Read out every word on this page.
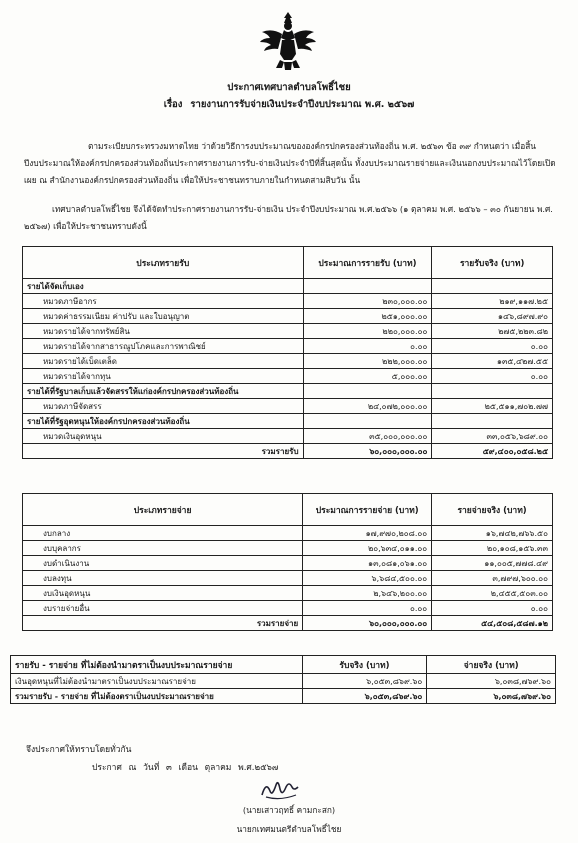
ประกาศเทศบาลตำบลโพธิ์ไชย
เรื่อง รายงานการรับจ่ายเงินประจำปีงบประมาณ พ.ศ. ๒๕๖๗

ตามระเบียบกระทรวงมหาดไทย ว่าด้วยวิธีการงบประมาณขององค์กรปกครองส่วนท้องถิ่น พ.ศ. ๒๕๖๓ ข้อ ๓๙ กำหนดว่า เมื่อสิ้นปีงบประมาณให้องค์กรปกครองส่วนท้องถิ่นประกาศรายงานการรับ-จ่ายเงินประจำปีที่สิ้นสุดนั้น ทั้งงบประมาณรายจ่ายและเงินนอกงบประมาณไว้โดยเปิดเผย ณ สำนักงานองค์กรปกครองส่วนท้องถิ่น เพื่อให้ประชาชนทราบภายในกำหนดสามสิบวัน นั้น

เทศบาลตำบลโพธิ์ไชย จึงได้จัดทำประกาศรายงานการรับ-จ่ายเงิน ประจำปีงบประมาณ พ.ศ.๒๕๖๖ (๑ ตุลาคม พ.ศ. ๒๕๖๖ – ๓๐ กันยายน พ.ศ. ๒๕๖๗) เพื่อให้ประชาชนทราบดังนี้

ประเภทรายรับ	ประมาณการรายรับ (บาท)	รายรับจริง (บาท)
รายได้จัดเก็บเอง		
หมวดภาษีอากร	๒๓๐,๐๐๐.๐๐	๒๑๙,๑๑๗.๒๕
หมวดค่าธรรมเนียม ค่าปรับ และใบอนุญาต	๒๕๑,๐๐๐.๐๐	๑๔๖,๘๙๗.๙๐
หมวดรายได้จากทรัพย์สิน	๒๒๐,๐๐๐.๐๐	๒๗๕,๒๒๓.๘๒
หมวดรายได้จากสาธารณูปโภคและการพาณิชย์	๐.๐๐	๐.๐๐
หมวดรายได้เบ็ดเตล็ด	๒๒๒,๐๐๐.๐๐	๑๓๕,๔๒๗.๕๕
หมวดรายได้จากทุน	๕,๐๐๐.๐๐	๐.๐๐
รายได้ที่รัฐบาลเก็บแล้วจัดสรรให้แก่องค์กรปกครองส่วนท้องถิ่น		
หมวดภาษีจัดสรร	๒๔,๐๗๒,๐๐๐.๐๐	๒๕,๕๑๑,๗๐๒.๗๗
รายได้ที่รัฐอุดหนุนให้องค์กรปกครองส่วนท้องถิ่น		
หมวดเงินอุดหนุน	๓๕,๐๐๐,๐๐๐.๐๐	๓๓,๐๕๖,๖๘๙.๐๐
รวมรายรับ	๖๐,๐๐๐,๐๐๐.๐๐	๕๙,๔๐๐,๐๕๘.๒๕
ประเภทรายจ่าย	ประมาณการรายจ่าย (บาท)	รายจ่ายจริง (บาท)
งบกลาง	๑๗,๙๗๐,๒๐๘.๐๐	๑๖,๗๔๒,๗๖๖.๕๐
งบบุคลากร	๒๐,๖๓๔,๐๑๑.๐๐	๒๐,๑๐๘,๑๕๖.๓๓
งบดำเนินงาน	๑๓,๐๘๑,๐๖๑.๐๐	๑๑,๐๐๕,๗๗๘.๔๙
งบลงทุน	๖,๖๘๔,๕๐๐.๐๐	๓,๗๙๗,๖๐๐.๐๐
งบเงินอุดหนุน	๒,๖๔๖,๒๐๐.๐๐	๒,๔๕๕,๕๐๓.๐๐
งบรายจ่ายอื่น	๐.๐๐	๐.๐๐
รวมรายจ่าย	๖๐,๐๐๐,๐๐๐.๐๐	๕๔,๕๐๘,๕๘๗.๑๒
รายรับ - รายจ่าย ที่ไม่ต้องนำมาตราเป็นงบประมาณรายจ่าย	รับจริง (บาท)	จ่ายจริง (บาท)
เงินอุดหนุนที่ไม่ต้องนำมาตราเป็นงบประมาณรายจ่าย	๖,๐๕๓,๘๖๙.๖๐	๖,๐๓๘,๗๖๙.๖๐
รวมรายรับ - รายจ่าย ที่ไม่ต้องตราเป็นงบประมาณรายจ่าย	๖,๐๕๓,๘๖๙.๖๐	๖,๐๓๘,๗๖๙.๖๐
จึงประกาศให้ทราบโดยทั่วกัน
ประกาศ ณ วันที่ ๓ เดือน ตุลาคม พ.ศ.๒๕๖๗
(นายเสาวฤทธิ์ คามกะสก)
นายกเทศมนตรีตำบลโพธิ์ไชย
